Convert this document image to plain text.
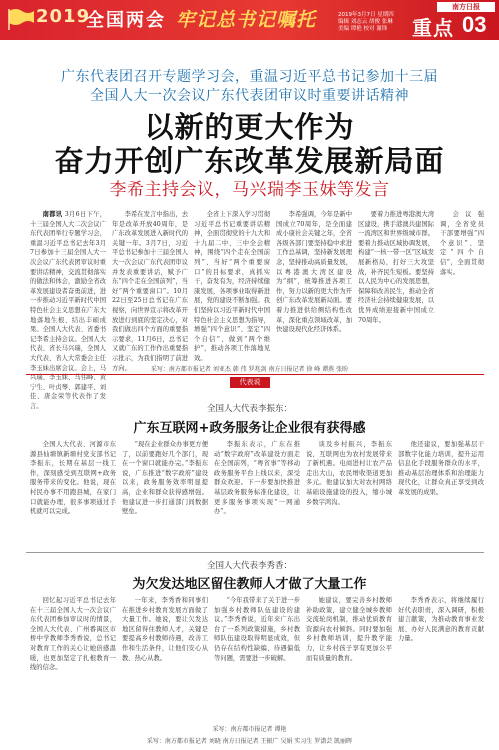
2019
全国两会 牢记总书记嘱托
南方日报
2019年3月7日 星期四
编辑 刘志云 胡俊 张琳
美编 谭艳 校对 谢锋	重点 03
广东代表团召开专题学习会，重温习近平总书记参加十三届
全国人大一次会议广东代表团审议时重要讲话精神
以新的更大作为
奋力开创广东改革发展新局面
李希主持会议，马兴瑞李玉妹等发言

南都讯 3月6日下午，十三届全国人大二次会议广东代表团举行专题学习会，重温习近平总书记去年3月7日参加十三届全国人大一次会议广东代表团审议时重要讲话精神，交流贯彻落实的做法和体会，激励全省改革发展建设者奋勇前进，进一步推动习近平新时代中国特色社会主义思想在广东大地落地生根、结出丰硕成果。全国人大代表、省委书记李希主持会议。全国人大代表、省长马兴瑞，全国人大代表、省人大常委会主任李玉妹出席会议。会上，马兴瑞、李玉妹、马伟峰、黄宁生、叶贞琴、郭建平、刘佳、唐金荣等代表作了发言。

李希在发言中指出，去年是改革开放40周年，是广东改革发展进入新时代的关键一年。3月7日，习近平总书记参加十三届全国人大一次会议广东代表团审议并发表重要讲话，赋予广东“四个走在全国前列”，当好“两个重要窗口”。10月22日至25日总书记在广东视察，向世界宣示将改革开放进行到底的坚定决心，对我们做出四个方面的重要指示要求，11月6日，总书记又就广东的工作作出重要指示批示，为我们指明了前进方向。

全省上下深入学习贯彻习近平总书记重要讲话精神，全面贯彻党的十九大和十九届二中、三中全会精神，围绕“四个走在全国前列”、当好“两个重要窗口”的目标要求，真抓实干，奋发有为，经济持续健康发展，各项事业取得新进展，党的建设不断加强。我们坚持以习近平新时代中国特色社会主义思想为指导，增强“四个意识”、坚定“四个自信”、做到“两个维护”，推动各项工作落地见效。

李希强调，今年是新中国成立70周年，是全面建成小康社会关键之年，全省各级各部门要坚持稳中求进工作总基调，坚持新发展理念，坚持推动高质量发展，以粤港澳大湾区建设为“纲”，统筹推进各项工作，努力以新的更大作为开创广东改革发展新局面。要着力推进供给侧结构性改革，深化重点领域改革，加快建设现代化经济体系。

要着力推进粤港澳大湾区建设，携手港澳共建国际一流湾区和世界级城市群。要着力推动区域协调发展，构建“一核一带一区”区域发展新格局，打好三大攻坚战，补齐民生短板。要坚持以人民为中心的发展思想，保障和改善民生，推动全省经济社会持续健康发展，以优异成绩迎接新中国成立70周年。

会议强调，全省党员干部要增强“四个意识”、坚定“四个自信”，全面贯彻落实。

采写：南方都市报记者 刘亚杰 韩 伟 罗兆剑 南方日报记者 徐 峰 谭燕 张盼
代表说
全国人大代表李振东：
广东互联网+政务服务让企业很有获得感

全国人大代表、河源市东源县仙塘镇新塘村党支部书记李振东，长期在基层一线工作，深刻感受到互联网+政务服务带来的变化。他说，现在村民办事不用跑县城，在家门口就能办理，很多事项通过手机就可以完成。

“现在企业群众办事更方便了，以前要跑好几个部门，现在一个窗口就能办完。”李振东说，广东推进“数字政府”建设以来，政务服务效率明显提高，企业和群众获得感增强。他建议进一步打通部门间数据壁垒。

李振东表示，广东在推动“数字政府”改革建设方面走在全国前列，“粤省事”等移动政务服务平台上线以来，深受群众欢迎。下一步要加快推进基层政务服务标准化建设，让更多服务事项实现“一网通办”。

谈及乡村振兴，李振东说，互联网也为农村发展带来了新机遇。电商进村让农产品走出大山，农民增收渠道更加多元。他建议加大对农村网络基础设施建设的投入，缩小城乡数字鸿沟。

他还建议，要加强基层干部数字化能力培训，提升运用信息化手段服务群众的水平，推动基层治理体系和治理能力现代化，让群众真正享受到改革发展的成果。

全国人大代表李秀香：
为欠发达地区留住教师人才做了大量工作

回忆起习近平总书记去年在十三届全国人大一次会议广东代表团参加审议时的情景，全国人大代表、广州番禺区市桥中学教师李秀香说，总书记对教育工作的关心让她倍感温暖，也更加坚定了扎根教育一线的信念。

一年来，李秀香和同事们在推进乡村教育发展方面做了大量工作。她说，要让欠发达地区留得住教师人才，关键是要提高乡村教师待遇，改善工作和生活条件，让他们安心从教、热心从教。

“今年我带来了关于进一步加强乡村教师队伍建设的建议。”李秀香说，近年来广东出台了一系列政策措施，乡村教师队伍建设取得明显成效，但仍存在结构性缺编、待遇偏低等问题，需要进一步破解。

她建议，要完善乡村教师补助政策，建立健全城乡教师交流轮岗机制，推动优质教育资源向农村倾斜。同时要加强乡村教师培训，提升教学能力，让乡村孩子享有更加公平而有质量的教育。

李秀香表示，将继续履行好代表职责，深入调研，积极建言献策，为推动教育事业发展、办好人民满意的教育贡献力量。

采写：南方都市报记者 谭艳
采写：南方都市报记者 刘晓 南方日报记者 王振广 吴娟 实习生 罗潇芸 凯丽晖
